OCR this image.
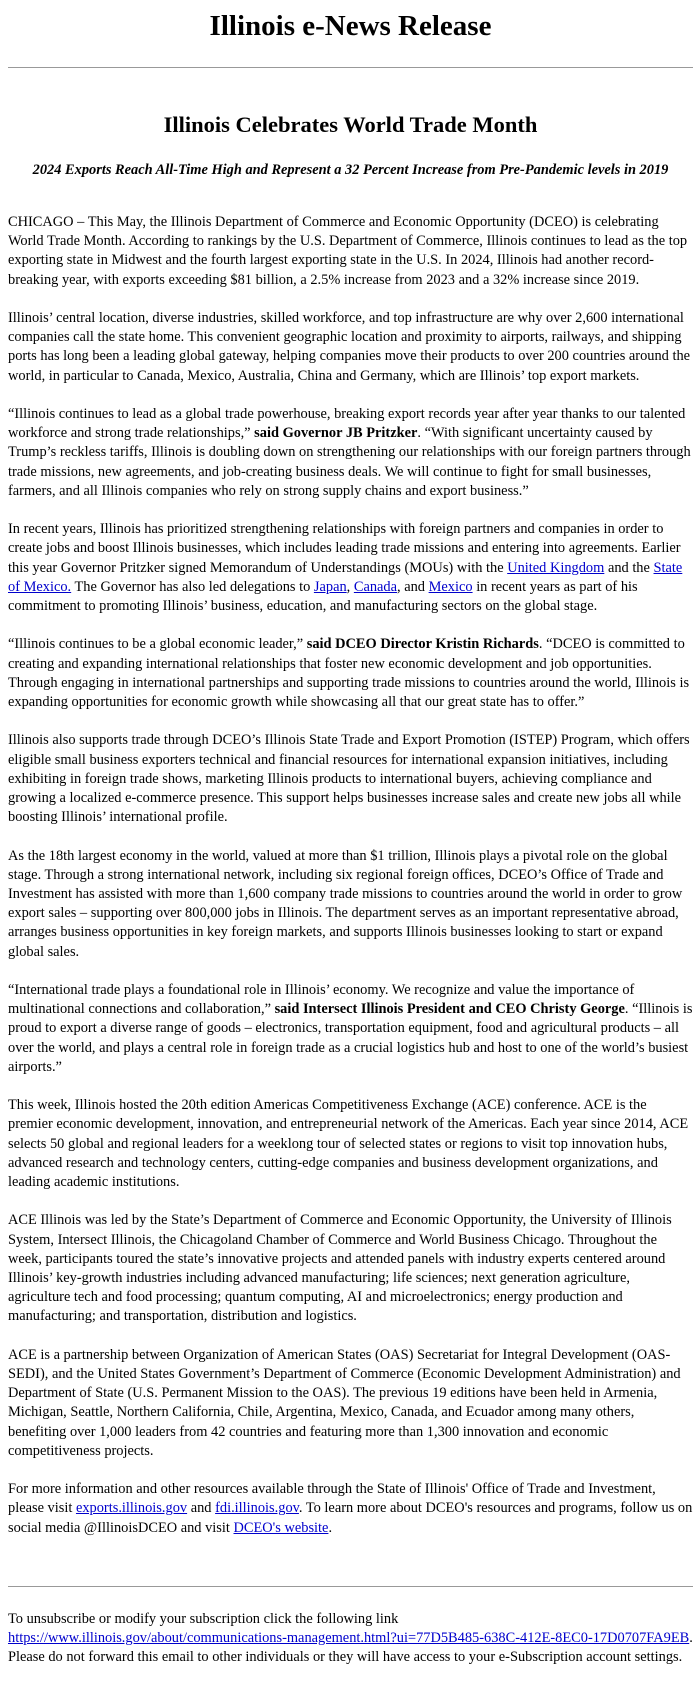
Illinois e-News Release
Illinois Celebrates World Trade Month
2024 Exports Reach All-Time High and Represent a 32 Percent Increase from Pre-Pandemic levels in 2019

CHICAGO – This May, the Illinois Department of Commerce and Economic Opportunity (DCEO) is celebrating World Trade Month. According to rankings by the U.S. Department of Commerce, Illinois continues to lead as the top exporting state in Midwest and the fourth largest exporting state in the U.S. In 2024, Illinois had another record-breaking year, with exports exceeding $81 billion, a 2.5% increase from 2023 and a 32% increase since 2019.

Illinois’ central location, diverse industries, skilled workforce, and top infrastructure are why over 2,600 international companies call the state home. This convenient geographic location and proximity to airports, railways, and shipping ports has long been a leading global gateway, helping companies move their products to over 200 countries around the world, in particular to Canada, Mexico, Australia, China and Germany, which are Illinois’ top export markets.

“Illinois continues to lead as a global trade powerhouse, breaking export records year after year thanks to our talented workforce and strong trade relationships,” said Governor JB Pritzker. “With significant uncertainty caused by Trump’s reckless tariffs, Illinois is doubling down on strengthening our relationships with our foreign partners through trade missions, new agreements, and job-creating business deals. We will continue to fight for small businesses, farmers, and all Illinois companies who rely on strong supply chains and export business.”

In recent years, Illinois has prioritized strengthening relationships with foreign partners and companies in order to create jobs and boost Illinois businesses, which includes leading trade missions and entering into agreements. Earlier this year Governor Pritzker signed Memorandum of Understandings (MOUs) with the United Kingdom and the State of Mexico. The Governor has also led delegations to Japan, Canada, and Mexico in recent years as part of his commitment to promoting Illinois’ business, education, and manufacturing sectors on the global stage.

“Illinois continues to be a global economic leader,” said DCEO Director Kristin Richards. “DCEO is committed to creating and expanding international relationships that foster new economic development and job opportunities. Through engaging in international partnerships and supporting trade missions to countries around the world, Illinois is expanding opportunities for economic growth while showcasing all that our great state has to offer.”

Illinois also supports trade through DCEO’s Illinois State Trade and Export Promotion (ISTEP) Program, which offers eligible small business exporters technical and financial resources for international expansion initiatives, including exhibiting in foreign trade shows, marketing Illinois products to international buyers, achieving compliance and growing a localized e-commerce presence. This support helps businesses increase sales and create new jobs all while boosting Illinois’ international profile.

As the 18th largest economy in the world, valued at more than $1 trillion, Illinois plays a pivotal role on the global stage. Through a strong international network, including six regional foreign offices, DCEO’s Office of Trade and Investment has assisted with more than 1,600 company trade missions to countries around the world in order to grow export sales – supporting over 800,000 jobs in Illinois. The department serves as an important representative abroad, arranges business opportunities in key foreign markets, and supports Illinois businesses looking to start or expand global sales.

“International trade plays a foundational role in Illinois’ economy. We recognize and value the importance of multinational connections and collaboration,” said Intersect Illinois President and CEO Christy George. “Illinois is proud to export a diverse range of goods – electronics, transportation equipment, food and agricultural products – all over the world, and plays a central role in foreign trade as a crucial logistics hub and host to one of the world’s busiest airports.”

This week, Illinois hosted the 20th edition Americas Competitiveness Exchange (ACE) conference. ACE is the premier economic development, innovation, and entrepreneurial network of the Americas. Each year since 2014, ACE selects 50 global and regional leaders for a weeklong tour of selected states or regions to visit top innovation hubs, advanced research and technology centers, cutting-edge companies and business development organizations, and leading academic institutions.

ACE Illinois was led by the State’s Department of Commerce and Economic Opportunity, the University of Illinois System, Intersect Illinois, the Chicagoland Chamber of Commerce and World Business Chicago. Throughout the week, participants toured the state’s innovative projects and attended panels with industry experts centered around Illinois’ key-growth industries including advanced manufacturing; life sciences; next generation agriculture, agriculture tech and food processing; quantum computing, AI and microelectronics; energy production and manufacturing; and transportation, distribution and logistics.

ACE is a partnership between Organization of American States (OAS) Secretariat for Integral Development (OAS-SEDI), and the United States Government’s Department of Commerce (Economic Development Administration) and Department of State (U.S. Permanent Mission to the OAS). The previous 19 editions have been held in Armenia, Michigan, Seattle, Northern California, Chile, Argentina, Mexico, Canada, and Ecuador among many others, benefiting over 1,000 leaders from 42 countries and featuring more than 1,300 innovation and economic competitiveness projects.

For more information and other resources available through the State of Illinois' Office of Trade and Investment, please visit exports.illinois.gov and fdi.illinois.gov. To learn more about DCEO's resources and programs, follow us on social media @IllinoisDCEO and visit DCEO's website.

To unsubscribe or modify your subscription click the following link
https://www.illinois.gov/about/communications-management.html?ui=77D5B485-638C-412E-8EC0-17D0707FA9EB. Please do not forward this email to other individuals or they will have access to your e-Subscription account settings.
